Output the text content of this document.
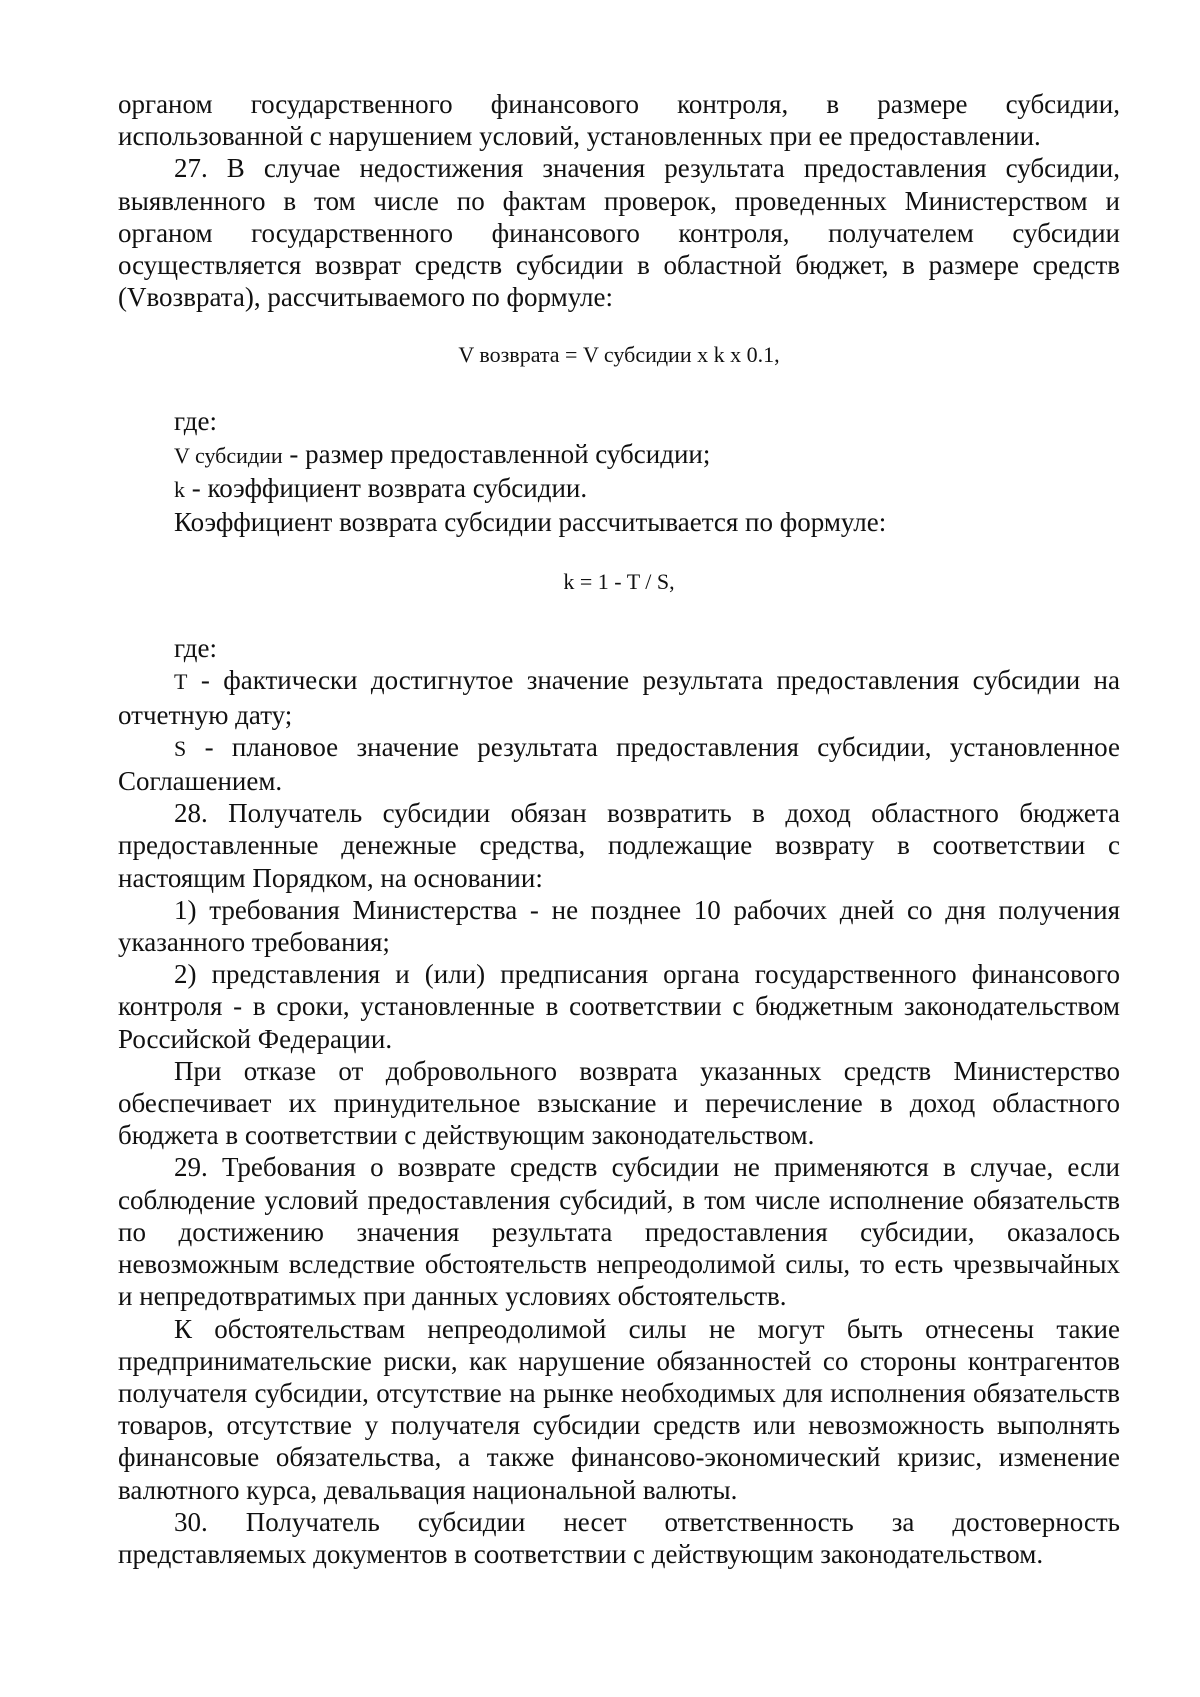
органом государственного финансового контроля, в размере субсидии, использованной с нарушением условий, установленных при ее предоставлении.

27. В случае недостижения значения результата предоставления субсидии, выявленного в том числе по фактам проверок, проведенных Министерством и органом государственного финансового контроля, получателем субсидии осуществляется возврат средств субсидии в областной бюджет, в размере средств (Vвозврата), рассчитываемого по формуле:

V возврата = V субсидии x k x 0.1,

где:

V субсидии - размер предоставленной субсидии;

k - коэффициент возврата субсидии.

Коэффициент возврата субсидии рассчитывается по формуле:

k = 1 - T / S,

где:

T - фактически достигнутое значение результата предоставления субсидии на отчетную дату;

S - плановое значение результата предоставления субсидии, установленное Соглашением.

28. Получатель субсидии обязан возвратить в доход областного бюджета предоставленные денежные средства, подлежащие возврату в соответствии с настоящим Порядком, на основании:

1) требования Министерства - не позднее 10 рабочих дней со дня получения указанного требования;

2) представления и (или) предписания органа государственного финансового контроля - в сроки, установленные в соответствии с бюджетным законодательством Российской Федерации.

При отказе от добровольного возврата указанных средств Министерство обеспечивает их принудительное взыскание и перечисление в доход областного бюджета в соответствии с действующим законодательством.

29. Требования о возврате средств субсидии не применяются в случае, если соблюдение условий предоставления субсидий, в том числе исполнение обязательств по достижению значения результата предоставления субсидии, оказалось невозможным вследствие обстоятельств непреодолимой силы, то есть чрезвычайных и непредотвратимых при данных условиях обстоятельств.

К обстоятельствам непреодолимой силы не могут быть отнесены такие предпринимательские риски, как нарушение обязанностей со стороны контрагентов получателя субсидии, отсутствие на рынке необходимых для исполнения обязательств товаров, отсутствие у получателя субсидии средств или невозможность выполнять финансовые обязательства, а также финансово-экономический кризис, изменение валютного курса, девальвация национальной валюты.

30. Получатель субсидии несет ответственность за достоверность представляемых документов в соответствии с действующим законодательством.
